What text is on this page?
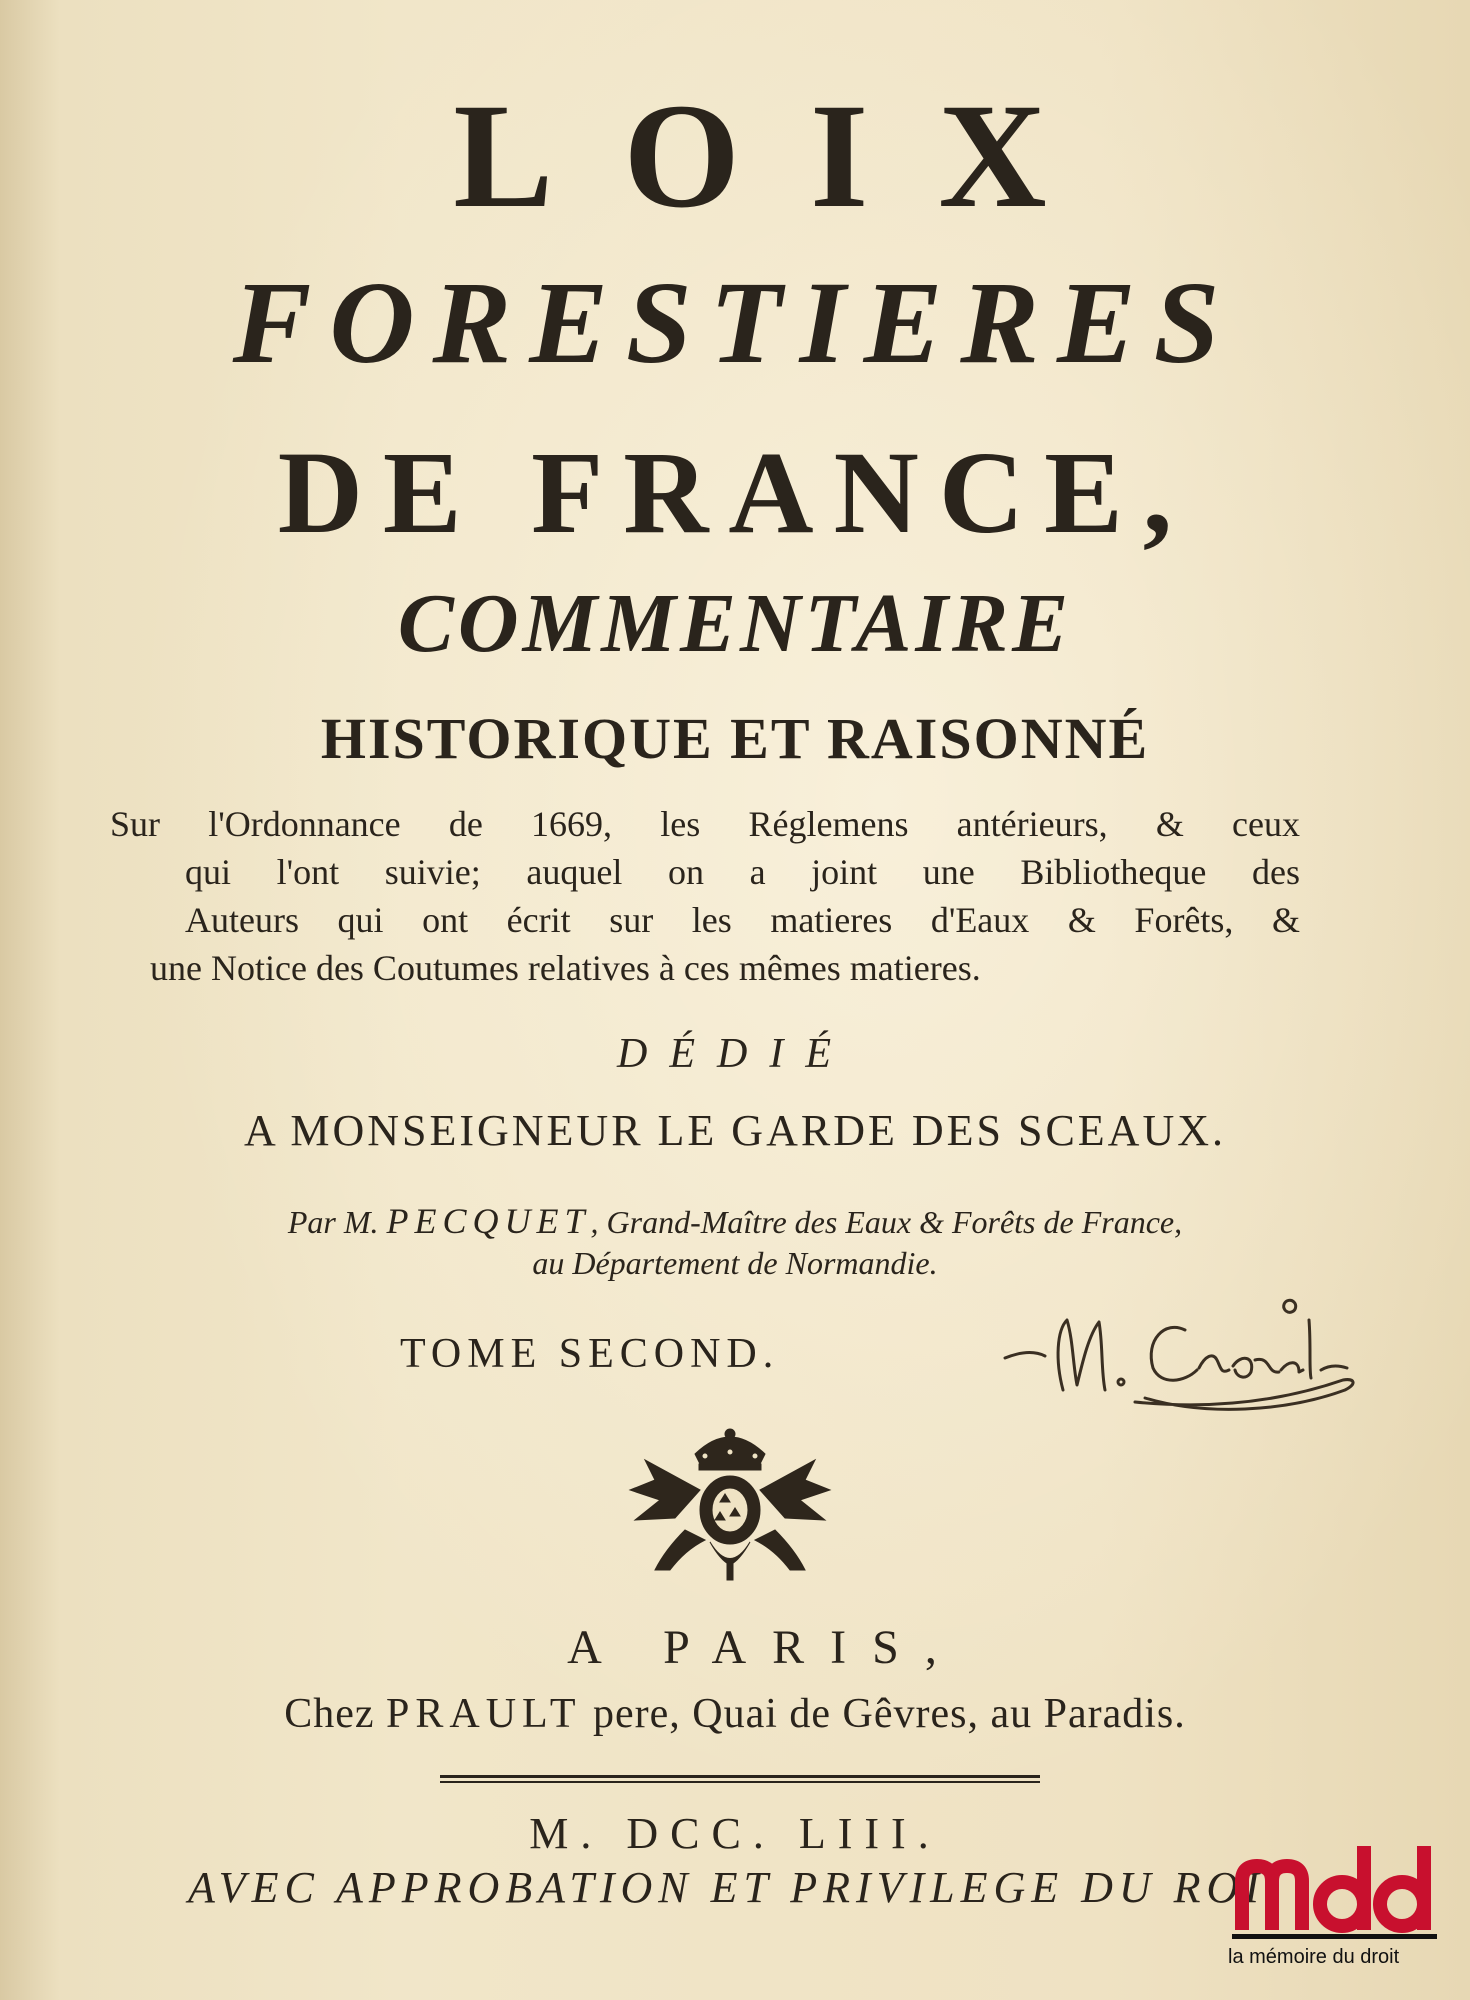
LOIX
FORESTIERES
DE FRANCE,
COMMENTAIRE
HISTORIQUE ET RAISONNÉ
Sur l'Ordonnance de 1669, les Réglemens antérieurs, & ceux
qui l'ont suivie; auquel on a joint une Bibliotheque des
Auteurs qui ont écrit sur les matieres d'Eaux & Forêts, &
une Notice des Coutumes relatives à ces mêmes matieres.
DÉDIÉ
A MONSEIGNEUR LE GARDE DES SCEAUX.
Par M. PECQUET, Grand-Maître des Eaux & Forêts de France,
au Département de Normandie.
TOME SECOND.
A PARIS,
Chez PRAULT pere, Quai de Gêvres, au Paradis.
M. DCC. LIII.
AVEC APPROBATION ET PRIVILEGE DU ROI.
la mémoire du droit
